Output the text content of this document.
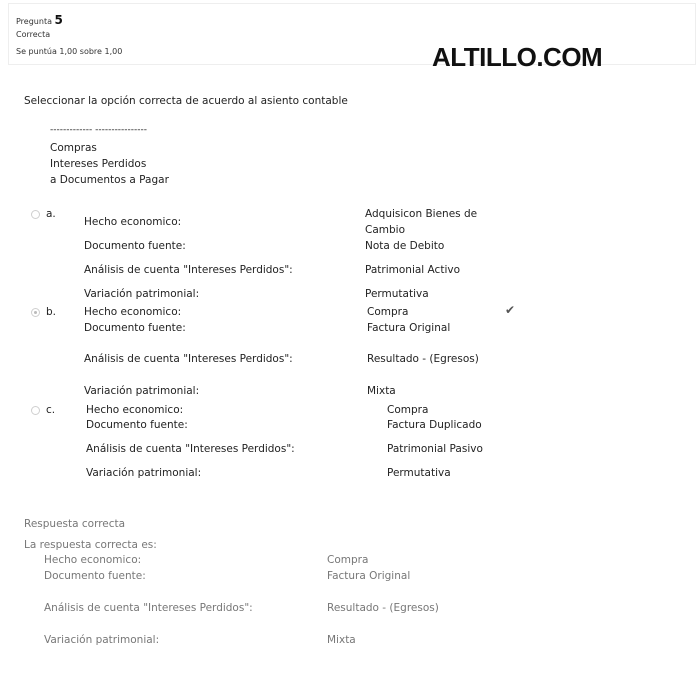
Pregunta 5
Correcta
Se puntúa 1,00 sobre 1,00	ALTILLO.COM
Seleccionar la opción correcta de acuerdo al asiento contable
------------- ----------------
Compras
Intereses Perdidos
a Documentos a Pagar
a.
Hecho economico:
Adquisicon Bienes de
Cambio
Documento fuente:	Nota de Debito
Análisis de cuenta "Intereses Perdidos":	Patrimonial Activo
Variación patrimonial:	Permutativa
b.	Hecho economico:	Compra
Documento fuente:	Factura Original
Análisis de cuenta "Intereses Perdidos":	Resultado - (Egresos)
Variación patrimonial:	Mixta
✔
c.	Hecho economico:	Compra
Documento fuente:	Factura Duplicado
Análisis de cuenta "Intereses Perdidos":	Patrimonial Pasivo
Variación patrimonial:	Permutativa
Respuesta correcta
La respuesta correcta es:
Hecho economico:	Compra
Documento fuente:	Factura Original
Análisis de cuenta "Intereses Perdidos":	Resultado - (Egresos)
Variación patrimonial:	Mixta
